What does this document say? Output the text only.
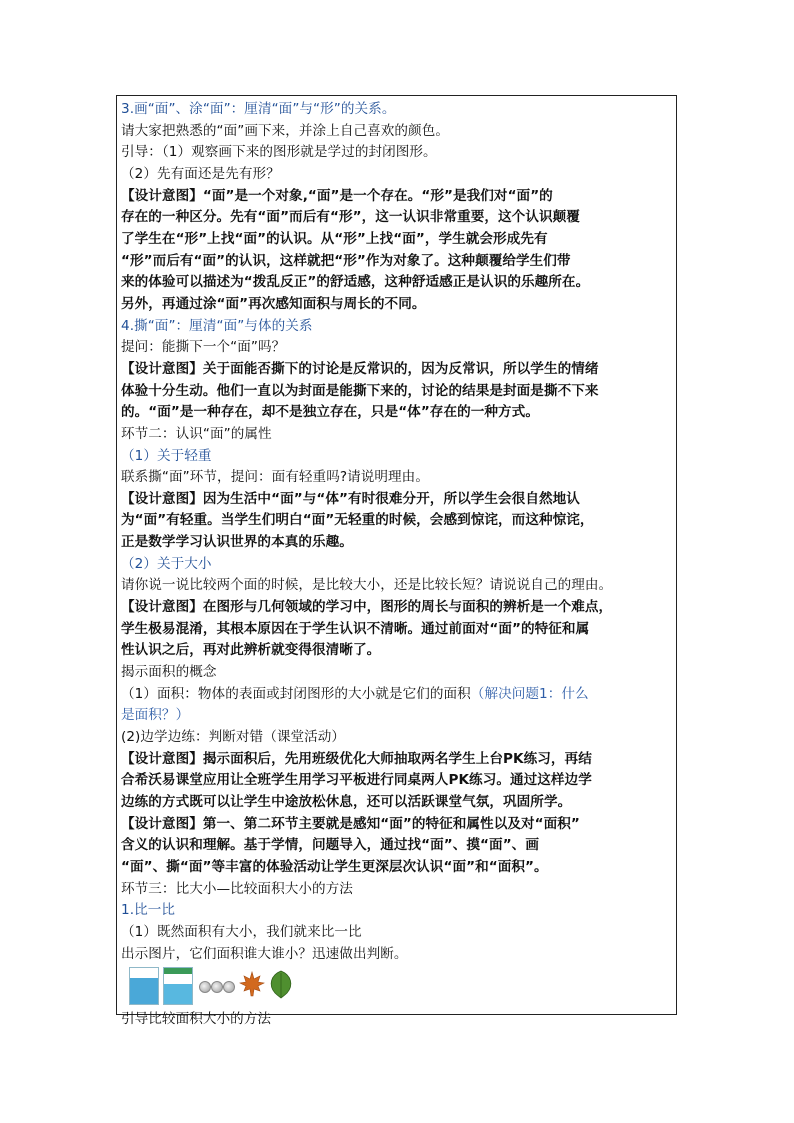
3.画“面”、涂“面”：厘清“面”与“形”的关系。
请大家把熟悉的“面”画下来，并涂上自己喜欢的颜色。
引导：（1）观察画下来的图形就是学过的封闭图形。
（2）先有面还是先有形？
【设计意图】“面”是一个对象,“面”是一个存在。“形”是我们对“面”的
存在的一种区分。先有“面”而后有“形”，这一认识非常重要，这个认识颠覆
了学生在“形”上找“面”的认识。从“形”上找“面”，学生就会形成先有
“形”而后有“面”的认识，这样就把“形”作为对象了。这种颠覆给学生们带
来的体验可以描述为“拨乱反正”的舒适感，这种舒适感正是认识的乐趣所在。
另外，再通过涂“面”再次感知面积与周长的不同。
4.撕“面”：厘清“面”与体的关系
提问：能撕下一个“面”吗？
【设计意图】关于面能否撕下的讨论是反常识的，因为反常识，所以学生的情绪
体验十分生动。他们一直以为封面是能撕下来的，讨论的结果是封面是撕不下来
的。“面”是一种存在，却不是独立存在，只是“体”存在的一种方式。
环节二：认识“面”的属性
（1）关于轻重
联系撕“面”环节，提问：面有轻重吗?请说明理由。
【设计意图】因为生活中“面”与“体”有时很难分开，所以学生会很自然地认
为“面”有轻重。当学生们明白“面”无轻重的时候，会感到惊诧，而这种惊诧，
正是数学学习认识世界的本真的乐趣。
（2）关于大小
请你说一说比较两个面的时候，是比较大小，还是比较长短？请说说自己的理由。
【设计意图】在图形与几何领域的学习中，图形的周长与面积的辨析是一个难点，
学生极易混淆，其根本原因在于学生认识不清晰。通过前面对“面”的特征和属
性认识之后，再对此辨析就变得很清晰了。
揭示面积的概念
（1）面积：物体的表面或封闭图形的大小就是它们的面积（解决问题1：什么
是面积？）
(2)边学边练：判断对错（课堂活动）
【设计意图】揭示面积后，先用班级优化大师抽取两名学生上台PK练习，再结
合希沃易课堂应用让全班学生用学习平板进行同桌两人PK练习。通过这样边学
边练的方式既可以让学生中途放松休息，还可以活跃课堂气氛，巩固所学。
【设计意图】第一、第二环节主要就是感知“面”的特征和属性以及对“面积”
含义的认识和理解。基于学情，问题导入，通过找“面”、摸“面”、画
“面”、撕“面”等丰富的体验活动让学生更深层次认识“面”和“面积”。
环节三：比大小—比较面积大小的方法
1.比一比
（1）既然面积有大小，我们就来比一比
出示图片，它们面积谁大谁小？迅速做出判断。
引导比较面积大小的方法
